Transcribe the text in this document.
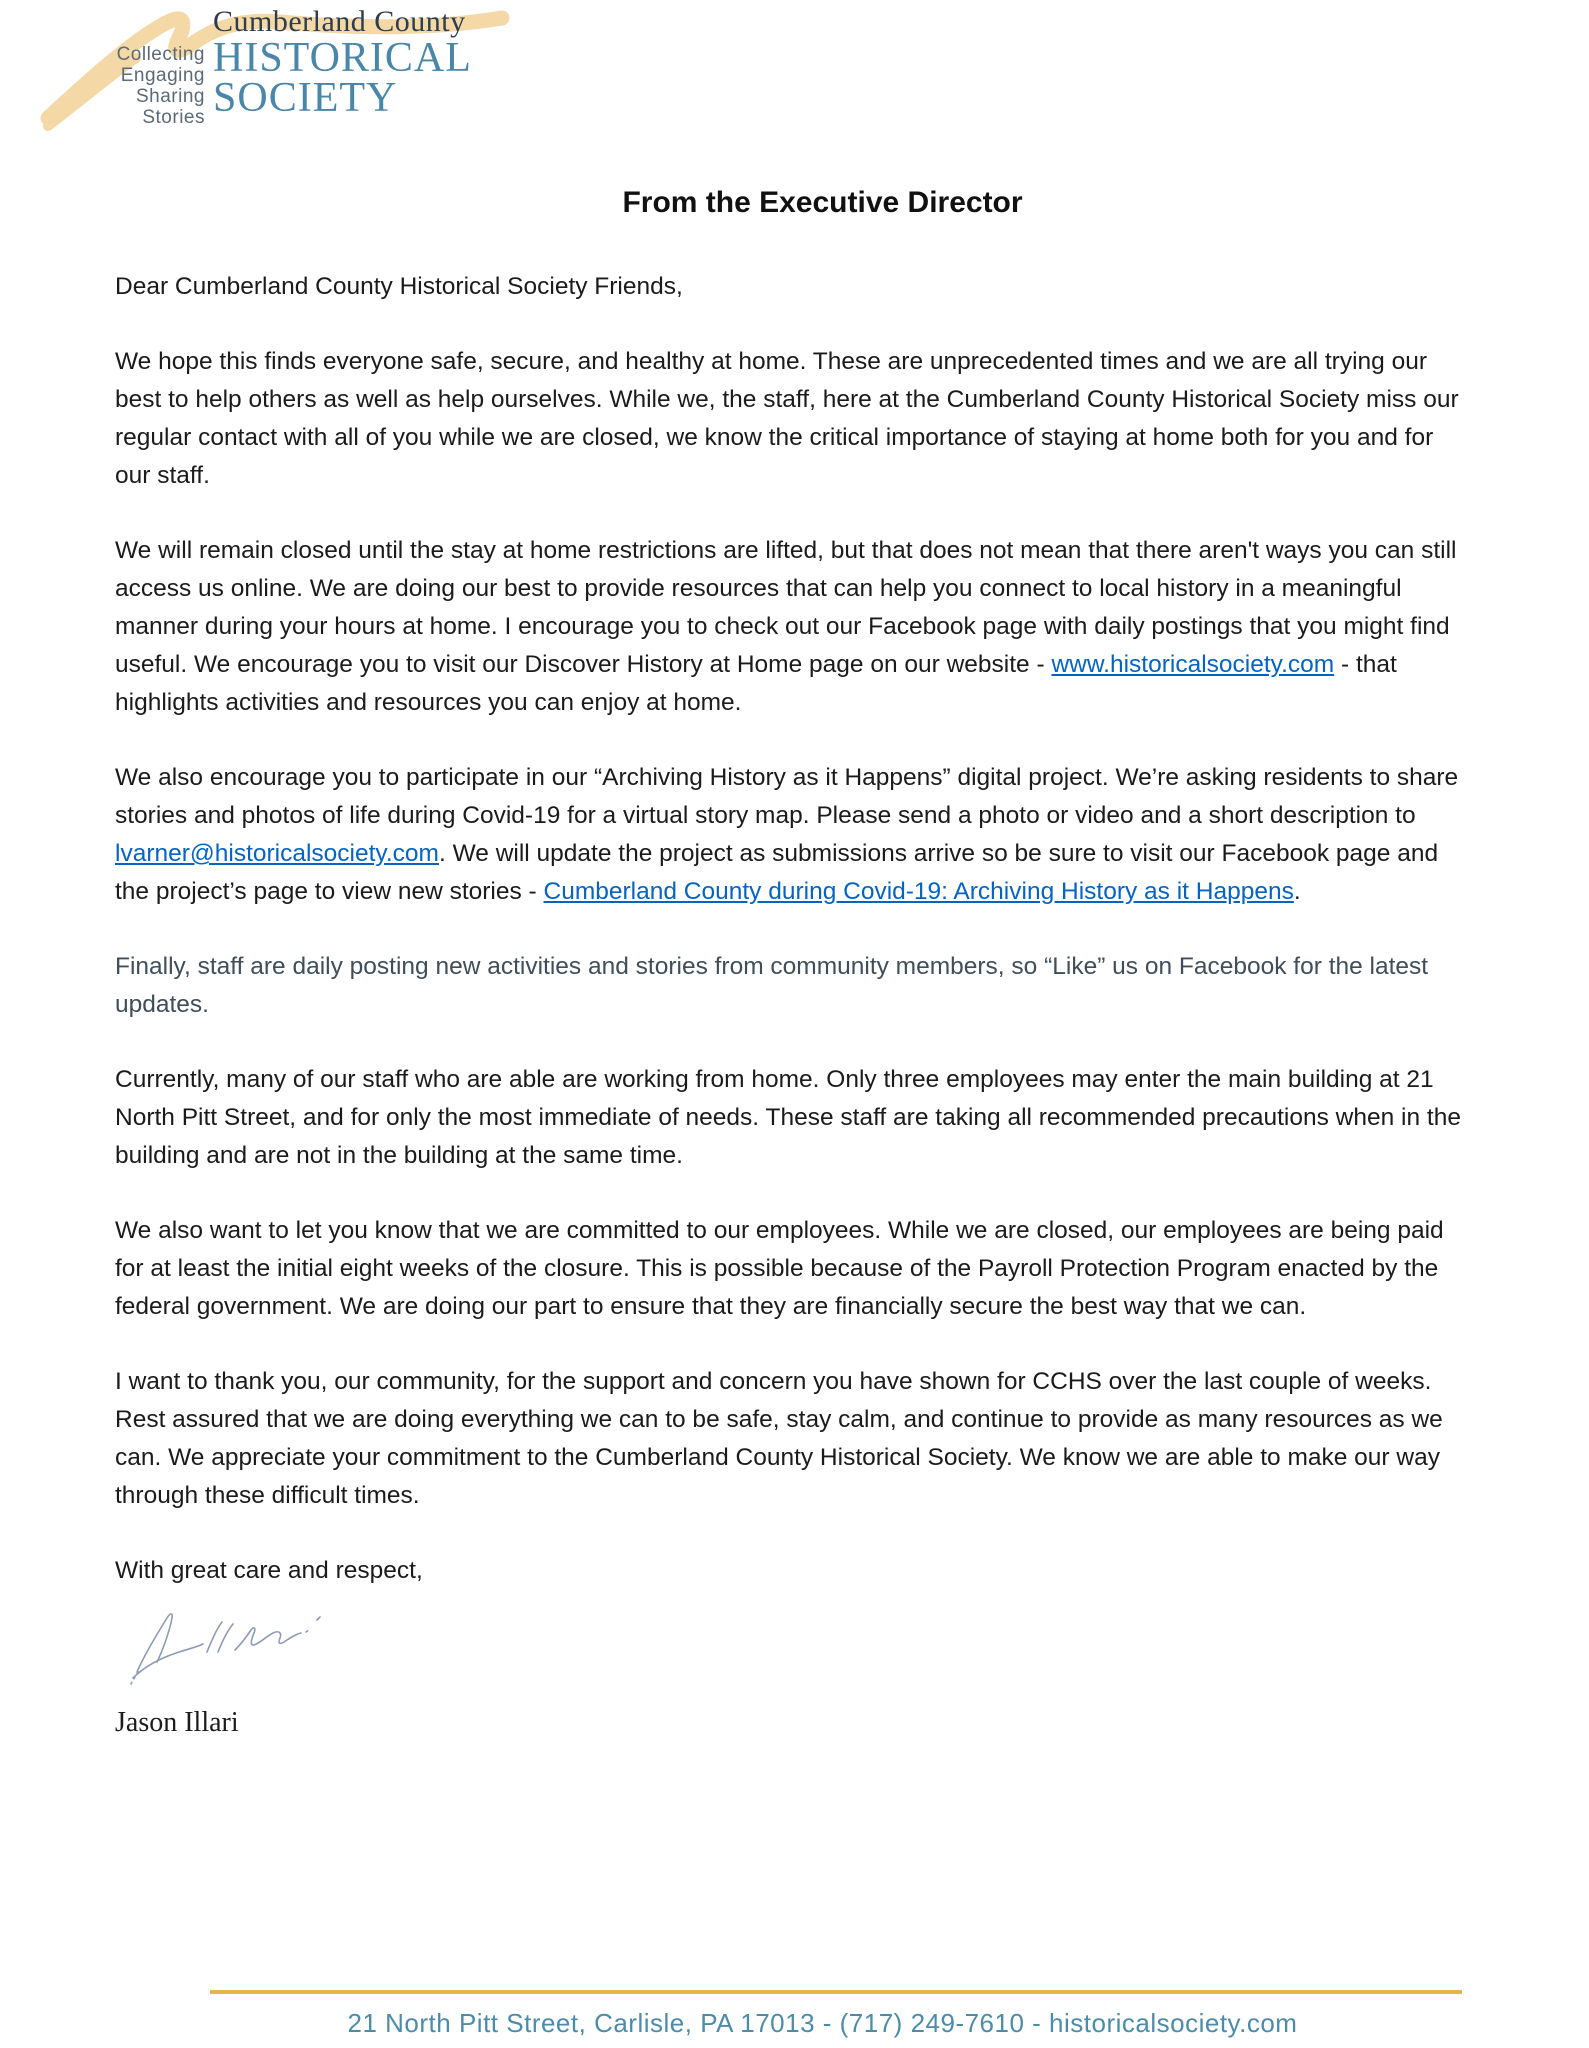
Collecting
Engaging
Sharing
Stories
Cumberland County
HISTORICAL
SOCIETY
From the Executive Director

Dear Cumberland County Historical Society Friends,

We hope this finds everyone safe, secure, and healthy at home. These are unprecedented times and we are all trying our best to help others as well as help ourselves. While we, the staff, here at the Cumberland County Historical Society miss our regular contact with all of you while we are closed, we know the critical importance of staying at home both for you and for our staff.

We will remain closed until the stay at home restrictions are lifted, but that does not mean that there aren't ways you can still access us online. We are doing our best to provide resources that can help you connect to local history in a meaningful manner during your hours at home. I encourage you to check out our Facebook page with daily postings that you might find useful. We encourage you to visit our Discover History at Home page on our website - www.historicalsociety.com - that highlights activities and resources you can enjoy at home.

We also encourage you to participate in our “Archiving History as it Happens” digital project. We’re asking residents to share stories and photos of life during Covid-19 for a virtual story map. Please send a photo or video and a short description to lvarner@historicalsociety.com. We will update the project as submissions arrive so be sure to visit our Facebook page and the project’s page to view new stories - Cumberland County during Covid-19: Archiving History as it Happens.

Finally, staff are daily posting new activities and stories from community members, so “Like” us on Facebook for the latest updates.

Currently, many of our staff who are able are working from home. Only three employees may enter the main building at 21 North Pitt Street, and for only the most immediate of needs. These staff are taking all recommended precautions when in the building and are not in the building at the same time.

We also want to let you know that we are committed to our employees. While we are closed, our employees are being paid for at least the initial eight weeks of the closure. This is possible because of the Payroll Protection Program enacted by the federal government. We are doing our part to ensure that they are financially secure the best way that we can.

I want to thank you, our community, for the support and concern you have shown for CCHS over the last couple of weeks. Rest assured that we are doing everything we can to be safe, stay calm, and continue to provide as many resources as we can. We appreciate your commitment to the Cumberland County Historical Society. We know we are able to make our way through these difficult times.

With great care and respect,

Jason Illari
21 North Pitt Street, Carlisle, PA 17013 - (717) 249-7610 - historicalsociety.com
